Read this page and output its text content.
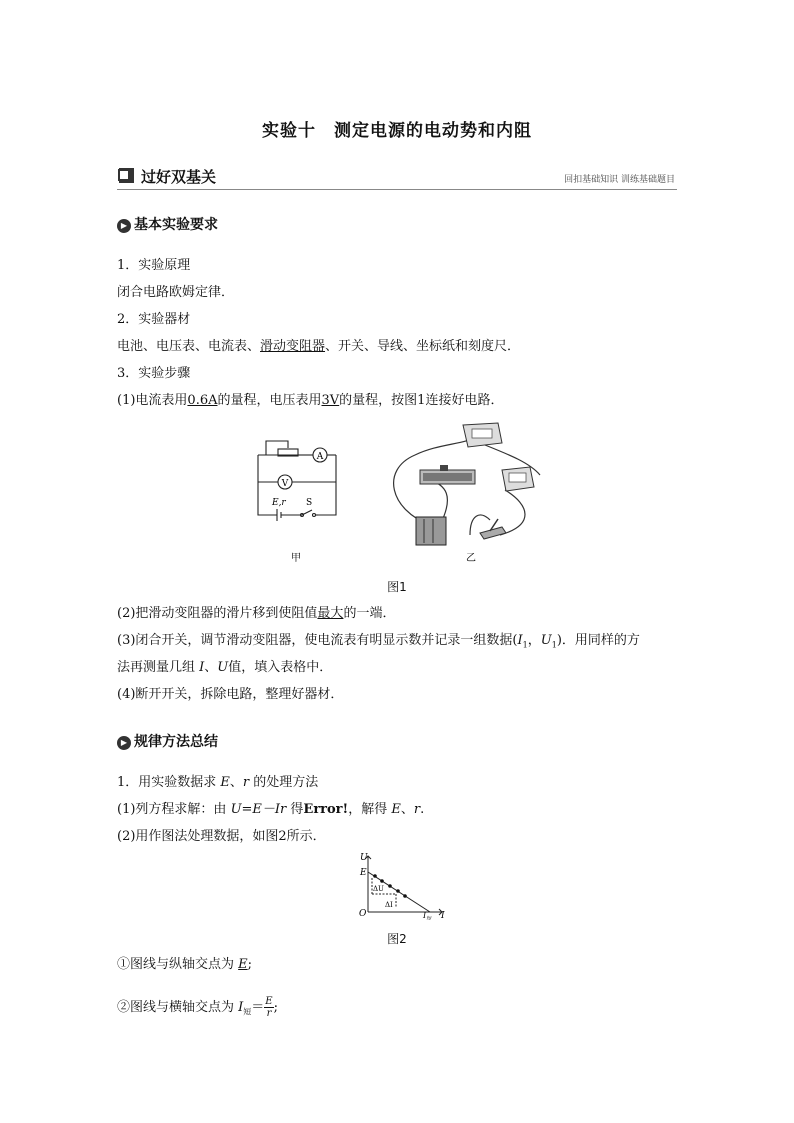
实验十　测定电源的电动势和内阻
过好双基关	回扣基础知识 训练基础题目
▶ 基本实验要求
1．实验原理
闭合电路欧姆定律．
2．实验器材
电池、电压表、电流表、滑动变阻器、开关、导线、坐标纸和刻度尺．
3．实验步骤
(1)电流表用0.6A的量程，电压表用3V的量程，按图1连接好电路．
A
V
E,r S
甲	乙
图1
(2)把滑动变阻器的滑片移到使阻值最大的一端．
(3)闭合开关，调节滑动变阻器，使电流表有明显示数并记录一组数据($I_1$，$U_1$)．用同样的方
法再测量几组 I、U值，填入表格中．
(4)断开开关，拆除电路，整理好器材．
▶ 规律方法总结
1．用实验数据求 E、r 的处理方法
(1)列方程求解：由 U=E－Ir 得Error!，解得 E、r.
(2)用作图法处理数据，如图2所示．
U
E
O
ΔU
ΔI
$I_短$ I
图2
①图线与纵轴交点为 E;
②图线与横轴交点为 $I_短= \frac{E}{r}$ ;
